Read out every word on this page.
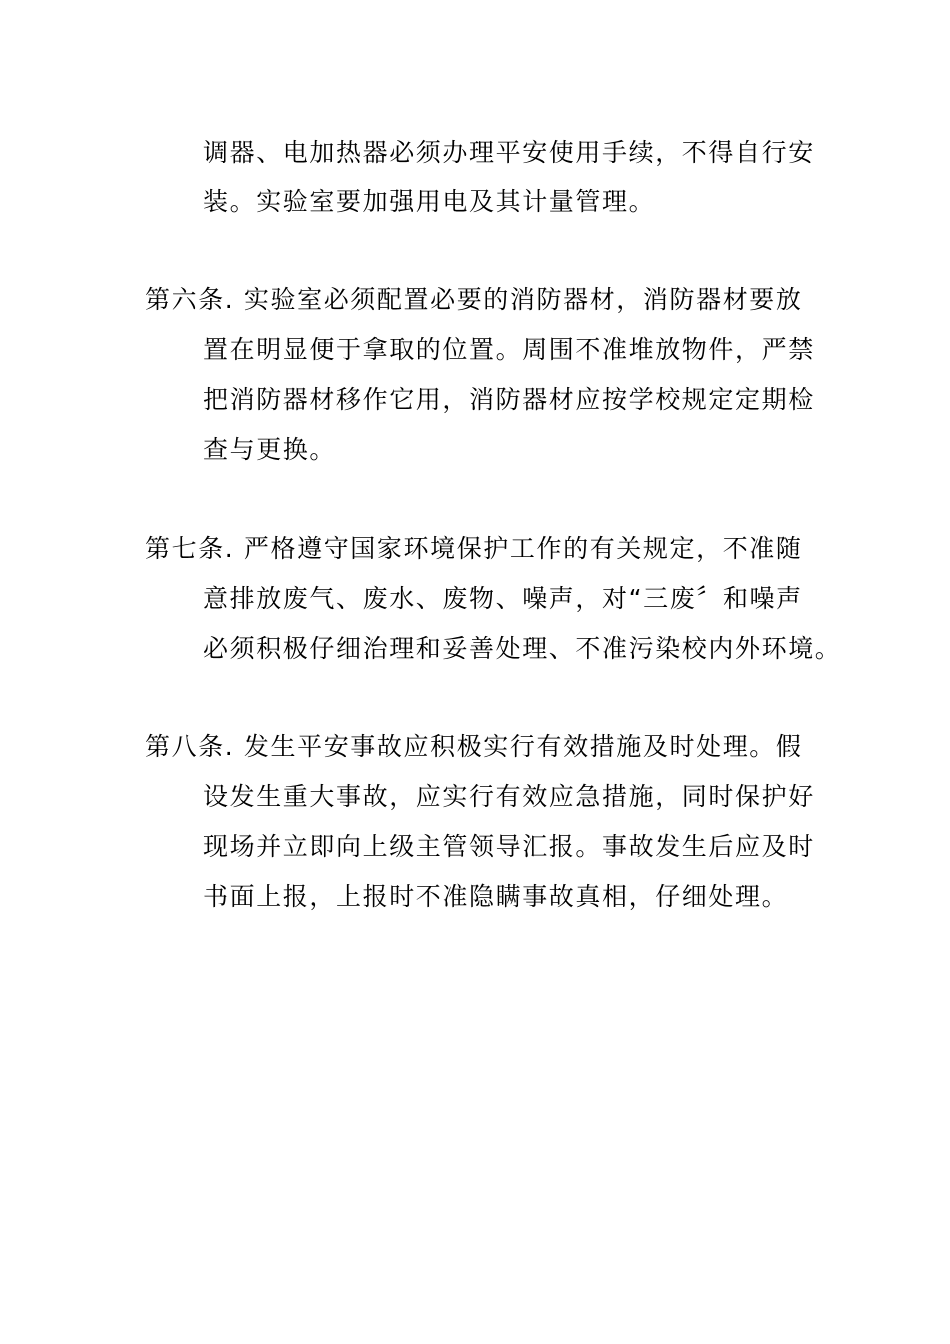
调器、电加热器必须办理平安使用手续，不得自行安
装。实验室要加强用电及其计量管理。
第六条. 实验室必须配置必要的消防器材，消防器材要放
置在明显便于拿取的位置。周围不准堆放物件，严禁
把消防器材移作它用，消防器材应按学校规定定期检
查与更换。
第七条. 严格遵守国家环境保护工作的有关规定，不准随
意排放废气、废水、废物、噪声，对“三废〞和噪声
必须积极仔细治理和妥善处理、不准污染校内外环境。
第八条. 发生平安事故应积极实行有效措施及时处理。假
设发生重大事故，应实行有效应急措施，同时保护好
现场并立即向上级主管领导汇报。事故发生后应及时
书面上报，上报时不准隐瞒事故真相，仔细处理。
